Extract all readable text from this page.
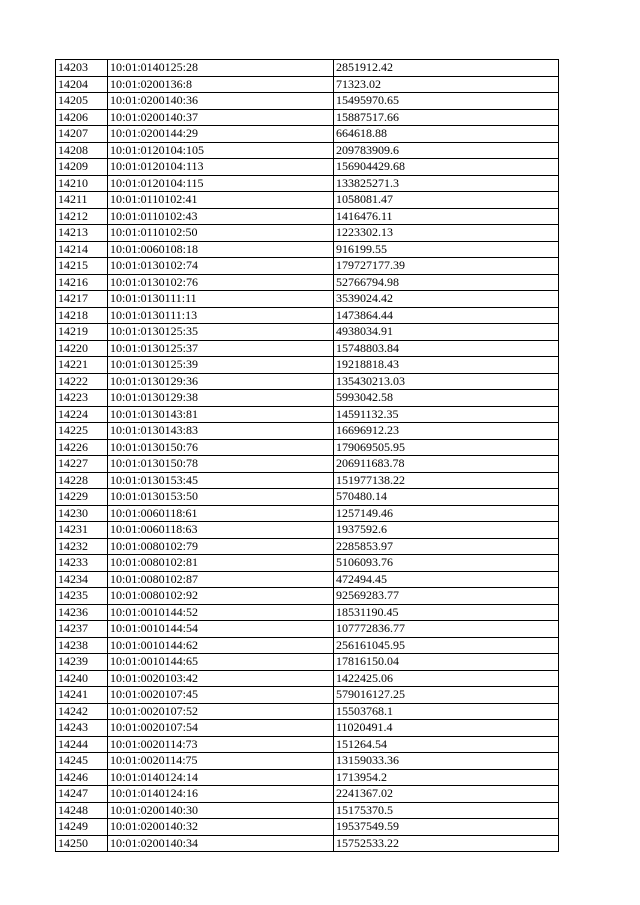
14203	10:01:0140125:28	2851912.42
14204	10:01:0200136:8	71323.02
14205	10:01:0200140:36	15495970.65
14206	10:01:0200140:37	15887517.66
14207	10:01:0200144:29	664618.88
14208	10:01:0120104:105	209783909.6
14209	10:01:0120104:113	156904429.68
14210	10:01:0120104:115	133825271.3
14211	10:01:0110102:41	1058081.47
14212	10:01:0110102:43	1416476.11
14213	10:01:0110102:50	1223302.13
14214	10:01:0060108:18	916199.55
14215	10:01:0130102:74	179727177.39
14216	10:01:0130102:76	52766794.98
14217	10:01:0130111:11	3539024.42
14218	10:01:0130111:13	1473864.44
14219	10:01:0130125:35	4938034.91
14220	10:01:0130125:37	15748803.84
14221	10:01:0130125:39	19218818.43
14222	10:01:0130129:36	135430213.03
14223	10:01:0130129:38	5993042.58
14224	10:01:0130143:81	14591132.35
14225	10:01:0130143:83	16696912.23
14226	10:01:0130150:76	179069505.95
14227	10:01:0130150:78	206911683.78
14228	10:01:0130153:45	151977138.22
14229	10:01:0130153:50	570480.14
14230	10:01:0060118:61	1257149.46
14231	10:01:0060118:63	1937592.6
14232	10:01:0080102:79	2285853.97
14233	10:01:0080102:81	5106093.76
14234	10:01:0080102:87	472494.45
14235	10:01:0080102:92	92569283.77
14236	10:01:0010144:52	18531190.45
14237	10:01:0010144:54	107772836.77
14238	10:01:0010144:62	256161045.95
14239	10:01:0010144:65	17816150.04
14240	10:01:0020103:42	1422425.06
14241	10:01:0020107:45	579016127.25
14242	10:01:0020107:52	15503768.1
14243	10:01:0020107:54	11020491.4
14244	10:01:0020114:73	151264.54
14245	10:01:0020114:75	13159033.36
14246	10:01:0140124:14	1713954.2
14247	10:01:0140124:16	2241367.02
14248	10:01:0200140:30	15175370.5
14249	10:01:0200140:32	19537549.59
14250	10:01:0200140:34	15752533.22
